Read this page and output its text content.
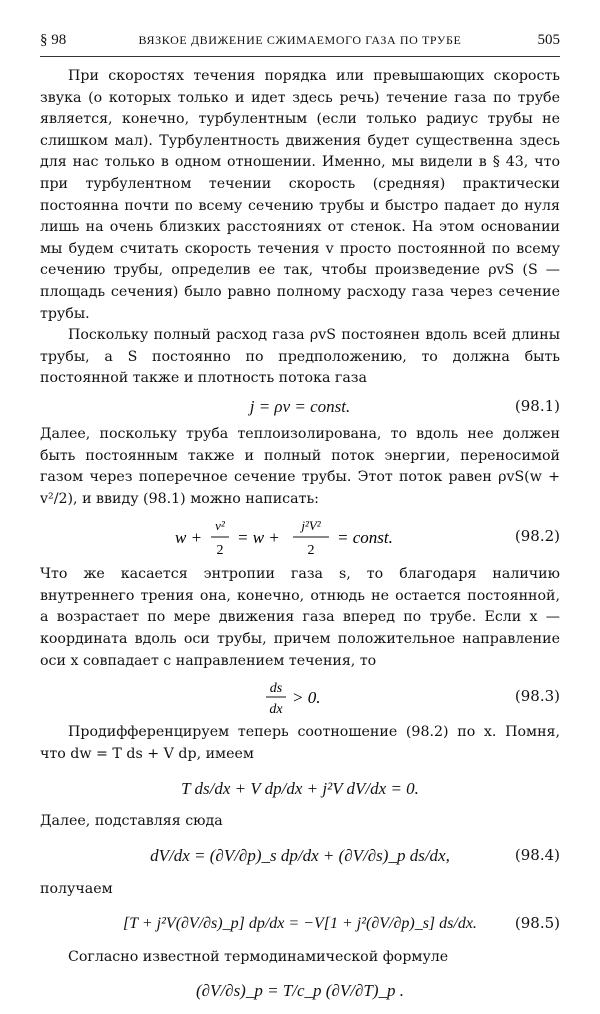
§ 98	ВЯЗКОЕ ДВИЖЕНИЕ СЖИМАЕМОГО ГАЗА ПО ТРУБЕ	505

При скоростях течения порядка или превышающих скорость звука (о которых только и идет здесь речь) течение газа по трубе является, конечно, турбулентным (если только радиус трубы не слишком мал). Турбулентность движения будет существенна здесь для нас только в одном отношении. Именно, мы видели в § 43, что при турбулентном течении скорость (средняя) практически постоянна почти по всему сечению трубы и быстро падает до нуля лишь на очень близких расстояниях от стенок. На этом основании мы будем считать скорость течения v просто постоянной по всему сечению трубы, определив ее так, чтобы произведение ρvS (S — площадь сечения) было равно полному расходу газа через сечение трубы.

Поскольку полный расход газа ρvS постоянен вдоль всей длины трубы, а S постоянно по предположению, то должна быть постоянной также и плотность потока газа

j = ρv = const.	(98.1)

Далее, поскольку труба теплоизолирована, то вдоль нее должен быть постоянным также и полный поток энергии, переносимой газом через поперечное сечение трубы. Этот поток равен ρvS(w + v²/2), и ввиду (98.1) можно написать:

w +
v²
2
= w +
j²V²
2
= const.	(98.2)

Что же касается энтропии газа s, то благодаря наличию внутреннего трения она, конечно, отнюдь не остается постоянной, а возрастает по мере движения газа вперед по трубе. Если x — координата вдоль оси трубы, причем положительное направление оси x совпадает с направлением течения, то

ds
dx
> 0.	(98.3)

Продифференцируем теперь соотношение (98.2) по x. Помня, что dw = T ds + V dp, имеем

T ds/dx + V dp/dx + j²V dV/dx = 0.

Далее, подставляя сюда

dV/dx = (∂V/∂p)_s dp/dx + (∂V/∂s)_p ds/dx,	(98.4)

получаем

[T + j²V(∂V/∂s)_p] dp/dx = −V[1 + j²(∂V/∂p)_s] ds/dx.	(98.5)

Согласно известной термодинамической формуле

(∂V/∂s)_p = T/c_p (∂V/∂T)_p .
